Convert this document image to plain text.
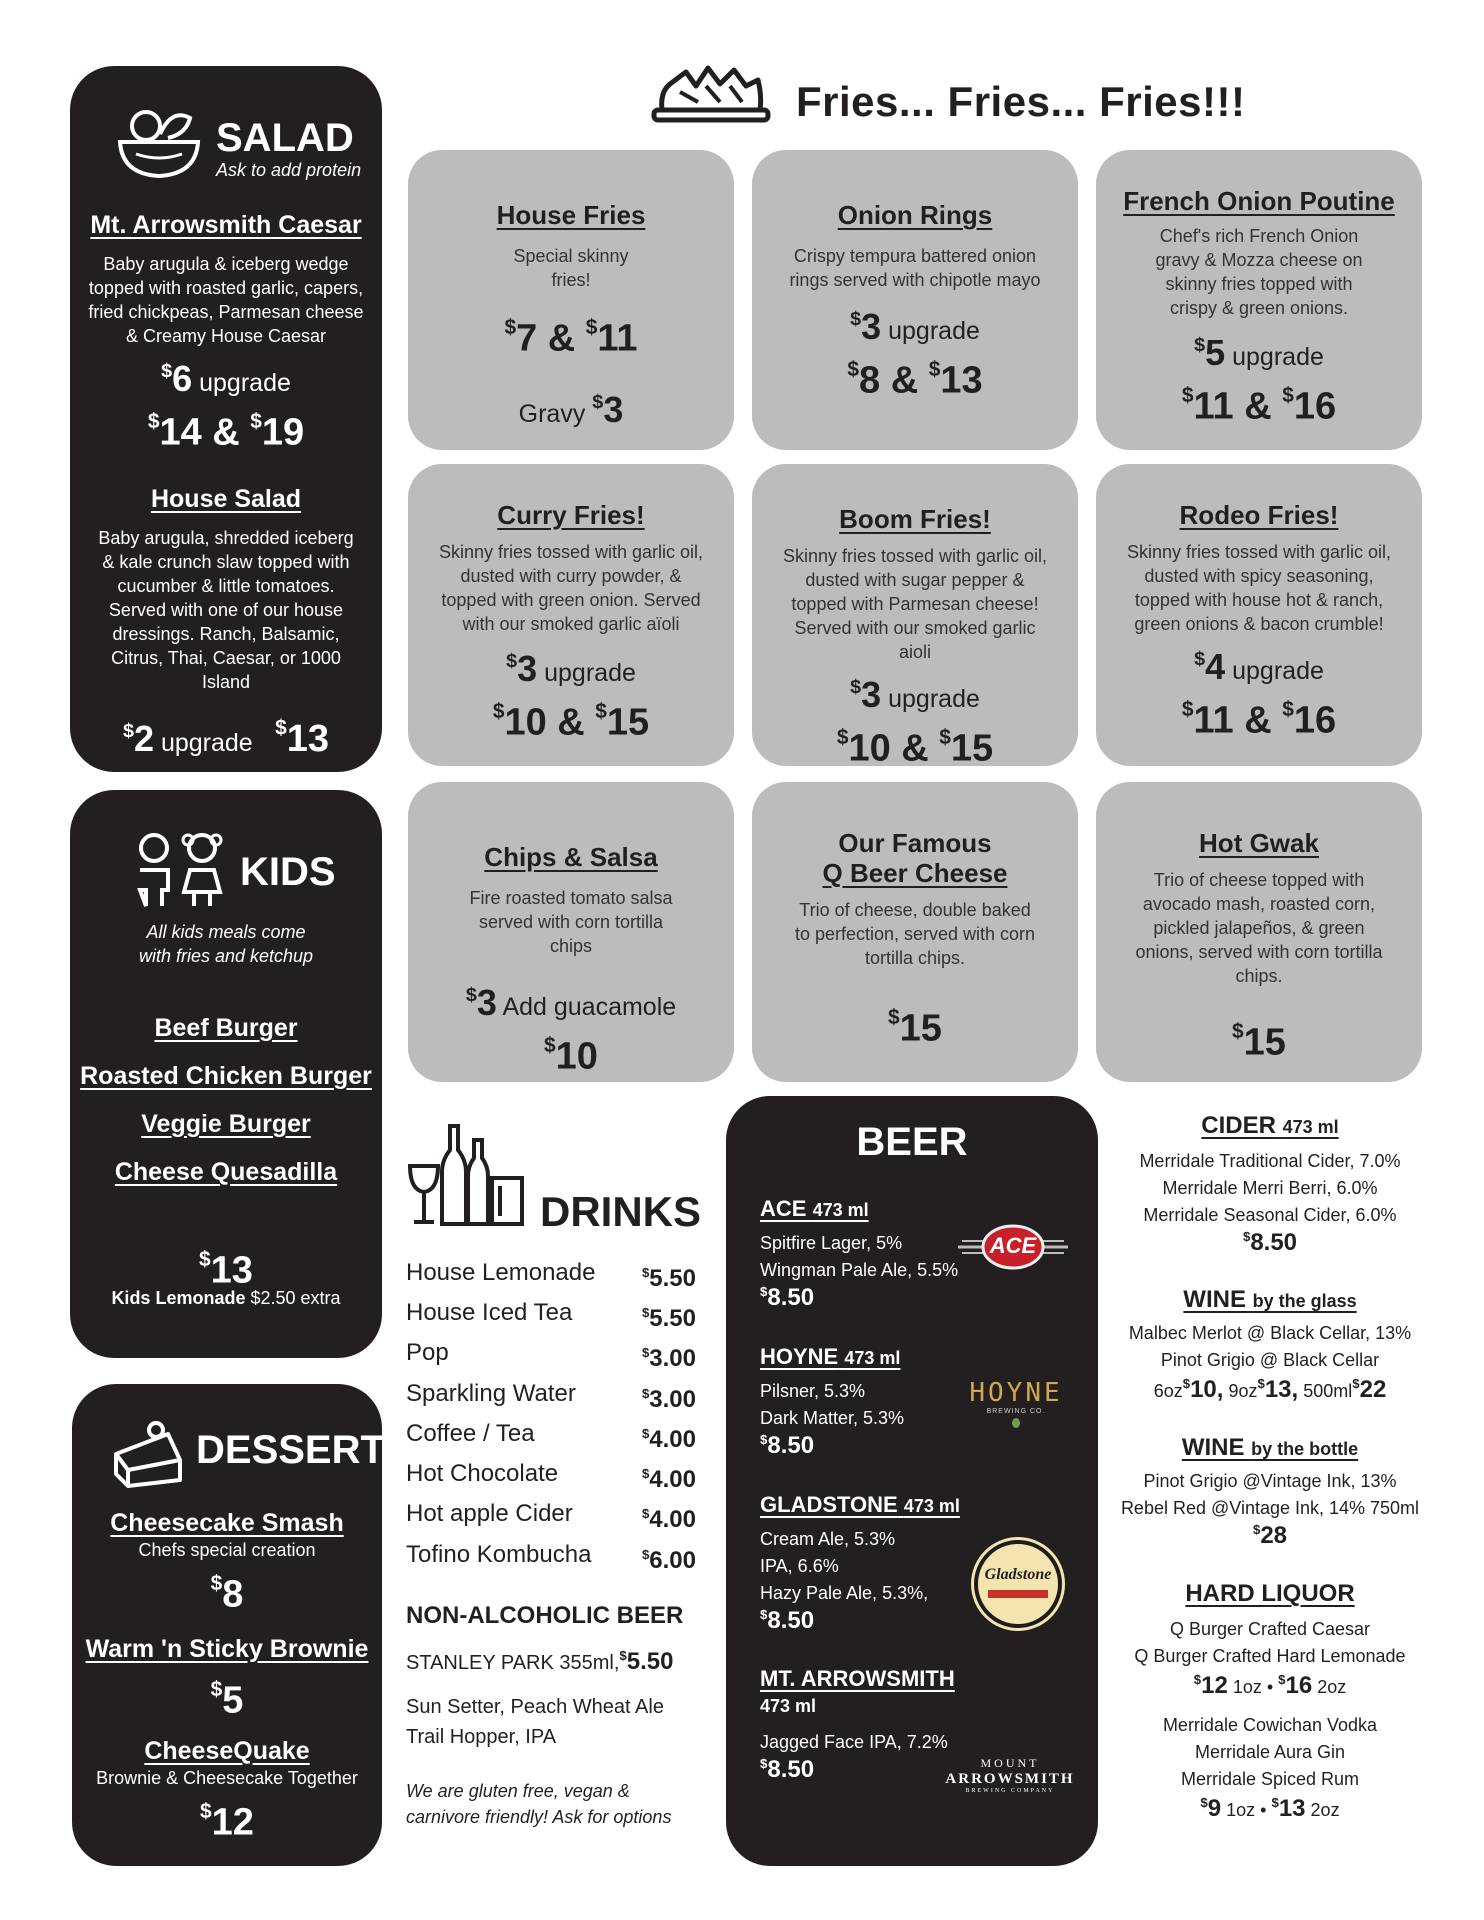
Fries... Fries... Fries!!!
SALAD
Ask to add protein
Mt. Arrowsmith Caesar
Baby arugula & iceberg wedge topped with roasted garlic, capers, fried chickpeas, Parmesan cheese & Creamy House Caesar
$6 upgrade
$14 & $19
House Salad
Baby arugula, shredded iceberg & kale crunch slaw topped with cucumber & little tomatoes. Served with one of our house dressings. Ranch, Balsamic, Citrus, Thai, Caesar, or 1000 Island
$2 upgrade $13
House Fries
Special skinny fries!
$7 & $11
Gravy $3
Onion Rings
Crispy tempura battered onion rings served with chipotle mayo
$3 upgrade
$8 & $13
French Onion Poutine
Chef's rich French Onion gravy & Mozza cheese on skinny fries topped with crispy & green onions.
$5 upgrade
$11 & $16
Curry Fries!
Skinny fries tossed with garlic oil, dusted with curry powder, & topped with green onion. Served with our smoked garlic aïoli
$3 upgrade
$10 & $15
Boom Fries!
Skinny fries tossed with garlic oil, dusted with sugar pepper & topped with Parmesan cheese! Served with our smoked garlic aioli
$3 upgrade
$10 & $15
Rodeo Fries!
Skinny fries tossed with garlic oil, dusted with spicy seasoning, topped with house hot & ranch, green onions & bacon crumble!
$4 upgrade
$11 & $16
Chips & Salsa
Fire roasted tomato salsa served with corn tortilla chips
$3 Add guacamole
$10
Our Famous
Q Beer Cheese
Trio of cheese, double baked to perfection, served with corn tortilla chips.
$15
Hot Gwak
Trio of cheese topped with avocado mash, roasted corn, pickled jalapeños, & green onions, served with corn tortilla chips.
$15
KIDS
All kids meals come with fries and ketchup
Beef Burger
Roasted Chicken Burger
Veggie Burger
Cheese Quesadilla
$13
Kids Lemonade $2.50 extra
DESSERT
Cheesecake Smash
Chefs special creation
$8
Warm 'n Sticky Brownie
$5
CheeseQuake
Brownie & Cheesecake Together
$12
DRINKS
House Lemonade	$5.50
House Iced Tea	$5.50
Pop	$3.00
Sparkling Water	$3.00
Coffee / Tea	$4.00
Hot Chocolate	$4.00
Hot apple Cider	$4.00
Tofino Kombucha	$6.00
NON-ALCOHOLIC BEER
STANLEY PARK 355ml,$5.50
Sun Setter, Peach Wheat Ale
Trail Hopper, IPA
We are gluten free, vegan & carnivore friendly! Ask for options
BEER
ACE 473 ml
Spitfire Lager, 5%
Wingman Pale Ale, 5.5%
$8.50
ACE
HOYNE 473 ml
Pilsner, 5.3%
Dark Matter, 5.3%
$8.50
HOYNE
BREWING CO.
GLADSTONE 473 ml
Cream Ale, 5.3%
IPA, 6.6%
Hazy Pale Ale, 5.3%,
$8.50
Gladstone
MT. ARROWSMITH
473 ml
Jagged Face IPA, 7.2%
$8.50	MOUNT
ARROWSMITH
BREWING COMPANY
CIDER 473 ml
Merridale Traditional Cider, 7.0%
Merridale Merri Berri, 6.0%
Merridale Seasonal Cider, 6.0%
$8.50
WINE by the glass
Malbec Merlot @ Black Cellar, 13%
Pinot Grigio @ Black Cellar
6oz$10, 9oz$13, 500ml$22
WINE by the bottle
Pinot Grigio @Vintage Ink, 13%
Rebel Red @Vintage Ink, 14% 750ml
$28
HARD LIQUOR
Q Burger Crafted Caesar
Q Burger Crafted Hard Lemonade
$12 1oz • $16 2oz
Merridale Cowichan Vodka
Merridale Aura Gin
Merridale Spiced Rum
$9 1oz • $13 2oz
